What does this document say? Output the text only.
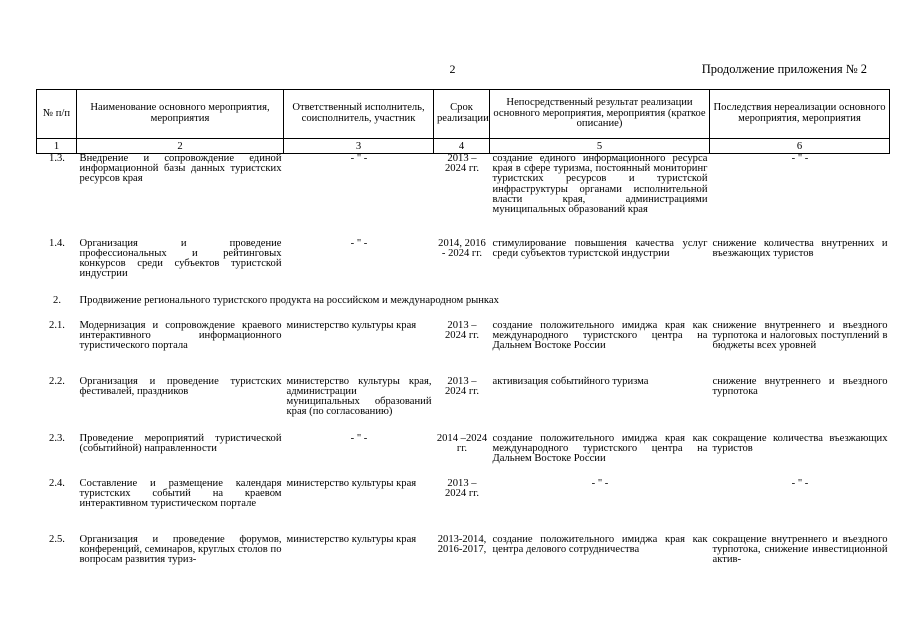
2	Продолжение приложения № 2
№ п/п	Наименование основного мероприятия, мероприятия	Ответственный исполнитель, соисполнитель, участник	Срок реализации	Непосредственный результат реализации основного мероприятия, мероприятия (краткое описание)	Последствия нереализации основного мероприятия, мероприятия
1	2	3	4	5	6
1.3.	Внедрение и сопровождение единой информационной базы данных туристских ресурсов края	- " -	2013 – 2024 гг.	создание единого информационного ресурса края в сфере туризма, постоянный мониторинг туристских ресурсов и туристской инфраструктуры органами исполнительной власти края, администрациями муниципальных образований края	- " -
1.4.	Организация и проведение профессиональных и рейтинговых конкурсов среди субъектов туристской индустрии	- " -	2014, 2016 - 2024 гг.	стимулирование повышения качества услуг среди субъектов туристской индустрии	снижение количества внутренних и въезжающих туристов
2.	Продвижение регионального туристского продукта на российском и международном рынках				
2.1.	Модернизация и сопровождение краевого интерактивного информационного туристического портала	министерство культуры края	2013 – 2024 гг.	создание положительного имиджа края как международного туристского центра на Дальнем Востоке России	снижение внутреннего и въездного турпотока и налоговых поступлений в бюджеты всех уровней
2.2.	Организация и проведение туристских фестивалей, праздников	министерство культуры края, администрации муниципальных образований края (по согласованию)	2013 – 2024 гг.	активизация событийного туризма	снижение внутреннего и въездного турпотока
2.3.	Проведение мероприятий туристической (событийной) направленности	- " -	2014 –2024 гг.	создание положительного имиджа края как международного туристского центра на Дальнем Востоке России	сокращение количества въезжающих туристов
2.4.	Составление и размещение календаря туристских событий на краевом интерактивном туристическом портале	министерство культуры края	2013 – 2024 гг.	- " -	- " -
2.5.	Организация и проведение форумов, конференций, семинаров, круглых столов по вопросам развития туриз-	министерство культуры края	2013-2014, 2016-2017,	создание положительного имиджа края как центра делового сотрудничества	сокращение внутреннего и въездного турпотока, снижение инвестиционной актив-
